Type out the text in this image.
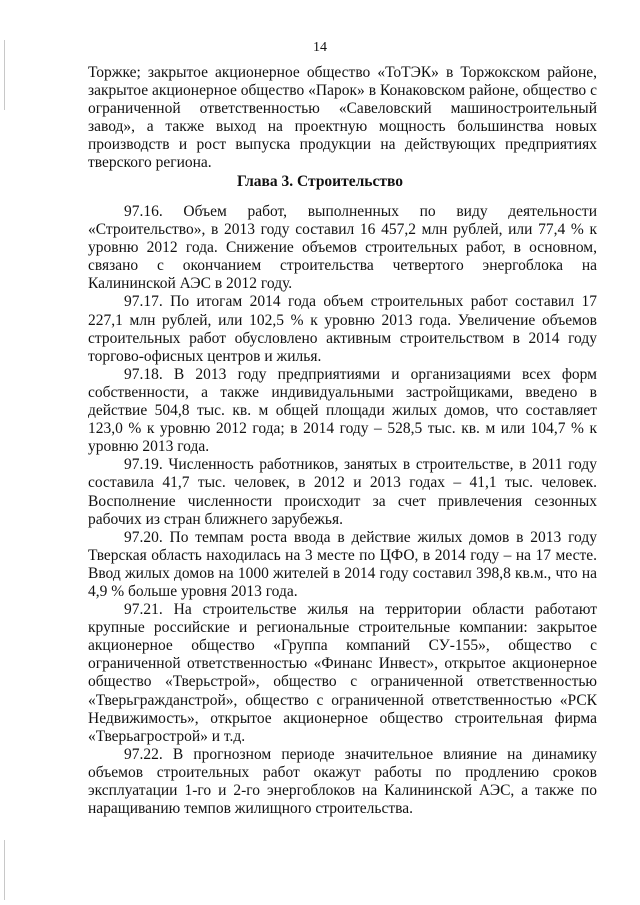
14

Торжке; закрытое акционерное общество «ТоТЭК» в Торжокском районе, закрытое акционерное общество «Парок» в Конаковском районе, общество с ограниченной ответственностью «Савеловский машиностроительный завод», а также выход на проектную мощность большинства новых производств и рост выпуска продукции на действующих предприятиях тверского региона.

Глава 3. Строительство

97.16. Объем работ, выполненных по виду деятельности «Строительство», в 2013 году составил 16 457,2 млн рублей, или 77,4 % к уровню 2012 года. Снижение объемов строительных работ, в основном, связано с окончанием строительства четвертого энергоблока на Калининской АЭС в 2012 году.

97.17. По итогам 2014 года объем строительных работ составил 17 227,1 млн рублей, или 102,5 % к уровню 2013 года. Увеличение объемов строительных работ обусловлено активным строительством в 2014 году торгово-офисных центров и жилья.

97.18. В 2013 году предприятиями и организациями всех форм собственности, а также индивидуальными застройщиками, введено в действие 504,8 тыс. кв. м общей площади жилых домов, что составляет 123,0 % к уровню 2012 года; в 2014 году – 528,5 тыс. кв. м или 104,7 % к уровню 2013 года.

97.19. Численность работников, занятых в строительстве, в 2011 году составила 41,7 тыс. человек, в 2012 и 2013 годах – 41,1 тыс. человек. Восполнение численности происходит за счет привлечения сезонных рабочих из стран ближнего зарубежья.

97.20. По темпам роста ввода в действие жилых домов в 2013 году Тверская область находилась на 3 месте по ЦФО, в 2014 году – на 17 месте. Ввод жилых домов на 1000 жителей в 2014 году составил 398,8 кв.м., что на 4,9 % больше уровня 2013 года.

97.21. На строительстве жилья на территории области работают крупные российские и региональные строительные компании: закрытое акционерное общество «Группа компаний СУ-155», общество с ограниченной ответственностью «Финанс Инвест», открытое акционерное общество «Тверьстрой», общество с ограниченной ответственностью «Тверьгражданстрой», общество с ограниченной ответственностью «РСК Недвижимость», открытое акционерное общество строительная фирма «Тверьагрострой» и т.д.

97.22. В прогнозном периоде значительное влияние на динамику объемов строительных работ окажут работы по продлению сроков эксплуатации 1-го и 2-го энергоблоков на Калининской АЭС, а также по наращиванию темпов жилищного строительства.
